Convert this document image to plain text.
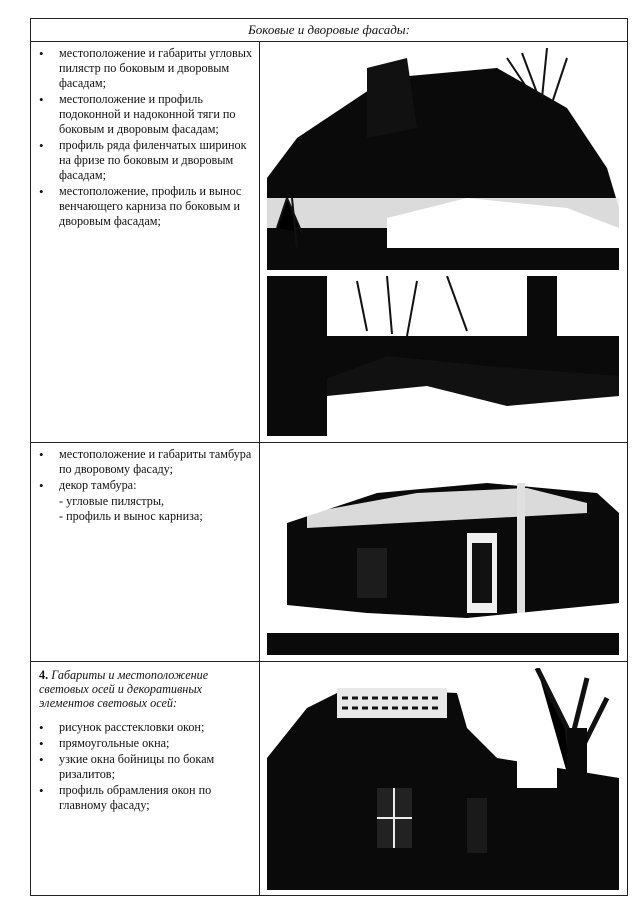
Боковые и дворовые фасады:
• местоположение и габариты угловых пилястр по боковым и дворовым фасадам;
• местоположение и профиль подоконной и надоконной тяги по боковым и дворовым фасадам;
• профиль ряда филенчатых ширинок на фризе по боковым и дворовым фасадам;
• местоположение, профиль и вынос венчающего карниза по боковым и дворовым фасадам;
• местоположение и габариты тамбура по дворовому фасаду;
• декор тамбура:
- угловые пилястры,
- профиль и вынос карниза;
4. Габариты и местоположение световых осей и декоративных элементов световых осей:
• рисунок расстекловки окон;
• прямоугольные окна;
• узкие окна бойницы по бокам ризалитов;
• профиль обрамления окон по главному фасаду;
